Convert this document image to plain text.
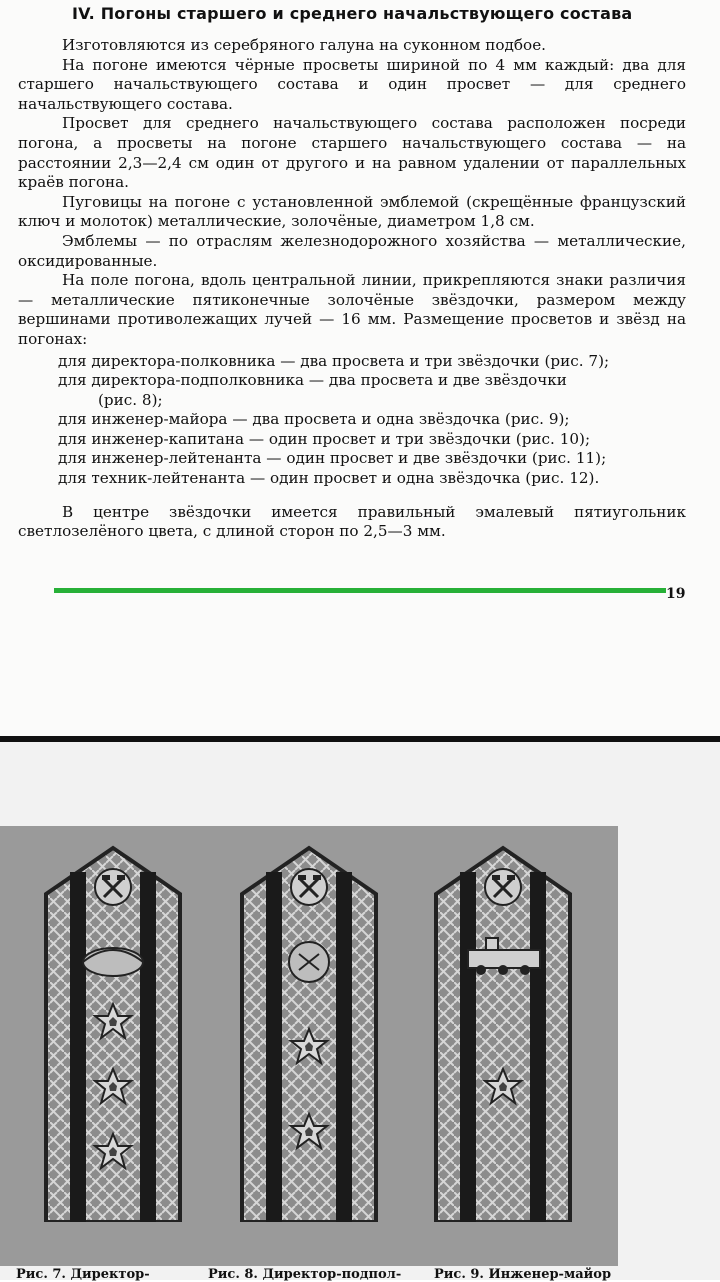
IV. Погоны старшего и среднего начальствующего состава

Изготовляются из серебряного галуна на суконном подбое.

На погоне имеются чёрные просветы шириной по 4 мм каждый: два для старшего начальствующего состава и один просвет — для среднего начальствующего состава.

Просвет для среднего начальствующего состава расположен посреди погона, а просветы на погоне старшего начальствующего состава — на расстоянии 2,3—2,4 см один от другого и на равном удалении от параллельных краёв погона.

Пуговицы на погоне с установленной эмблемой (скрещённые французский ключ и молоток) металлические, золочёные, диаметром 1,8 см.

Эмблемы — по отраслям железнодорожного хозяйства — металлические, оксидированные.

На поле погона, вдоль центральной линии, прикрепляются знаки различия — металлические пятиконечные золочёные звёздочки, размером между вершинами противолежащих лучей — 16 мм. Размещение просветов и звёзд на погонах:

для директора-полковника — два просвета и три звёздочки (рис. 7);
для директора-подполковника — два просвета и две звёздочки
(рис. 8);
для инженер-майора — два просвета и одна звёздочка (рис. 9);
для инженер-капитана — один просвет и три звёздочки (рис. 10);
для инженер-лейтенанта — один просвет и две звёздочки (рис. 11);
для техник-лейтенанта — один просвет и одна звёздочка (рис. 12).

В центре звёздочки имеется правильный эмалевый пятиугольник светлозелёного цвета, с длиной сторон по 2,5—3 мм.

19
Рис. 7. Директор-	Рис. 8. Директор-подпол-	Рис. 9. Инженер-майор
